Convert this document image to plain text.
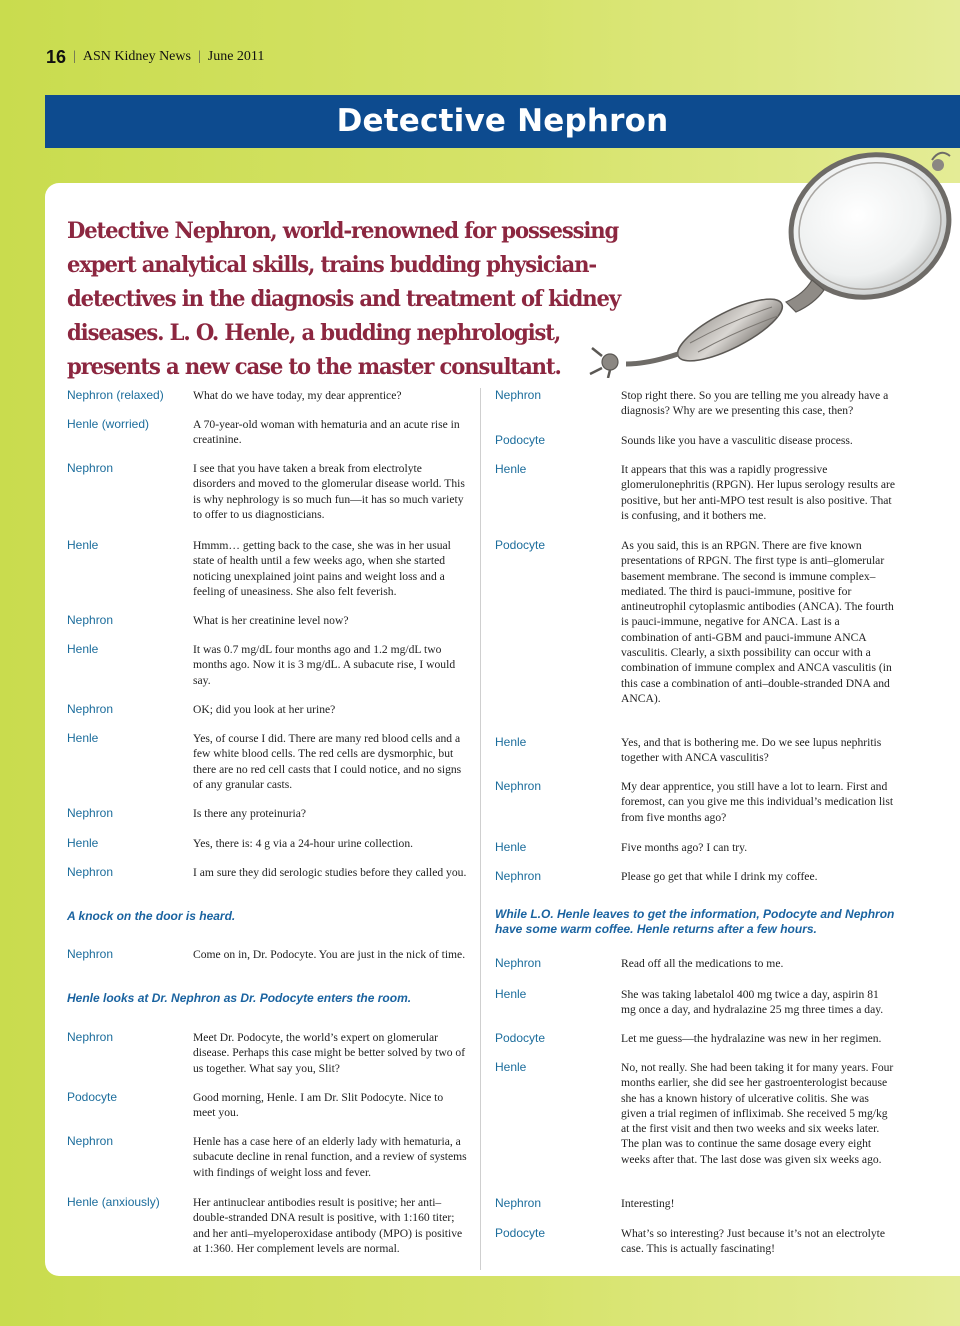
16 | ASN Kidney News | June 2011
Detective Nephron
Detective Nephron, world-renowned for possessing expert analytical skills, trains budding physician-detectives in the diagnosis and treatment of kidney diseases. L. O. Henle, a budding nephrologist, presents a new case to the master consultant.
Nephron (relaxed)	What do we have today, my dear apprentice?
Henle (worried)	A 70-year-old woman with hematuria and an acute rise in creatinine.
Nephron	I see that you have taken a break from electrolyte disorders and moved to the glomerular disease world. This is why nephrology is so much fun—it has so much variety to offer to us diagnosticians.
Henle	Hmmm… getting back to the case, she was in her usual state of health until a few weeks ago, when she started noticing unexplained joint pains and weight loss and a feeling of uneasiness. She also felt feverish.
Nephron	What is her creatinine level now?
Henle	It was 0.7 mg/dL four months ago and 1.2 mg/dL two months ago. Now it is 3 mg/dL. A subacute rise, I would say.
Nephron	OK; did you look at her urine?
Henle	Yes, of course I did. There are many red blood cells and a few white blood cells. The red cells are dysmorphic, but there are no red cell casts that I could notice, and no signs of any granular casts.
Nephron	Is there any proteinuria?
Henle	Yes, there is: 4 g via a 24-hour urine collection.
Nephron	I am sure they did serologic studies before they called you.
A knock on the door is heard.
Nephron	Come on in, Dr. Podocyte. You are just in the nick of time.
Henle looks at Dr. Nephron as Dr. Podocyte enters the room.
Nephron	Meet Dr. Podocyte, the world’s expert on glomerular disease. Perhaps this case might be better solved by two of us together. What say you, Slit?
Podocyte	Good morning, Henle. I am Dr. Slit Podocyte. Nice to meet you.
Nephron	Henle has a case here of an elderly lady with hematuria, a subacute decline in renal function, and a review of systems with findings of weight loss and fever.
Henle (anxiously)	Her antinuclear antibodies result is positive; her anti–double-stranded DNA result is positive, with 1:160 titer; and her anti–myeloperoxidase antibody (MPO) is positive at 1:360. Her complement levels are normal.
Nephron	Stop right there. So you are telling me you already have a diagnosis? Why are we presenting this case, then?
Podocyte	Sounds like you have a vasculitic disease process.
Henle	It appears that this was a rapidly progressive glomerulonephritis (RPGN). Her lupus serology results are positive, but her anti-MPO test result is also positive. That is confusing, and it bothers me.
Podocyte	As you said, this is an RPGN. There are five known presentations of RPGN. The first type is anti–glomerular basement membrane. The second is immune complex–mediated. The third is pauci-immune, positive for antineutrophil cytoplasmic antibodies (ANCA). The fourth is pauci-immune, negative for ANCA. Last is a combination of anti-GBM and pauci-immune ANCA vasculitis. Clearly, a sixth possibility can occur with a combination of immune complex and ANCA vasculitis (in this case a combination of anti–double-stranded DNA and ANCA).
Henle	Yes, and that is bothering me. Do we see lupus nephritis together with ANCA vasculitis?
Nephron	My dear apprentice, you still have a lot to learn. First and foremost, can you give me this individual’s medication list from five months ago?
Henle	Five months ago? I can try.
Nephron	Please go get that while I drink my coffee.
While L.O. Henle leaves to get the information, Podocyte and Nephron have some warm coffee. Henle returns after a few hours.
Nephron	Read off all the medications to me.
Henle	She was taking labetalol 400 mg twice a day, aspirin 81 mg once a day, and hydralazine 25 mg three times a day.
Podocyte	Let me guess—the hydralazine was new in her regimen.
Henle	No, not really. She had been taking it for many years. Four months earlier, she did see her gastroenterologist because she has a known history of ulcerative colitis. She was given a trial regimen of infliximab. She received 5 mg/kg at the first visit and then two weeks and six weeks later. The plan was to continue the same dosage every eight weeks after that. The last dose was given six weeks ago.
Nephron	Interesting!
Podocyte	What’s so interesting? Just because it’s not an electrolyte case. This is actually fascinating!
